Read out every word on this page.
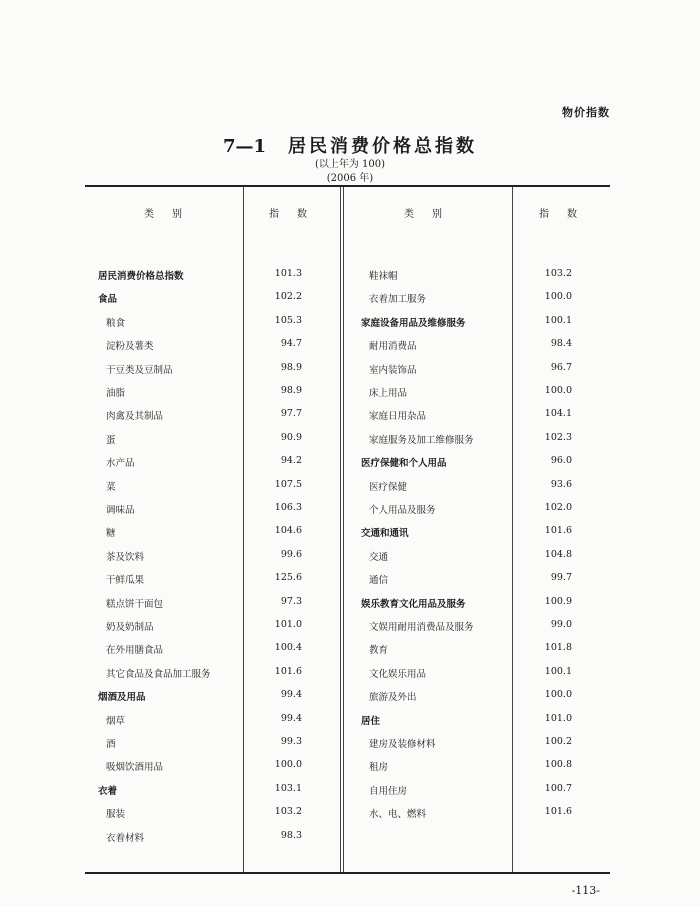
物价指数
7—1 居民消费价格总指数
(以上年为 100)
(2006 年)
类　别	指　数	类　别	指　数
居民消费价格总指数	101.3
食品	102.2
粮食	105.3
淀粉及薯类	94.7
干豆类及豆制品	98.9
油脂	98.9
肉禽及其制品	97.7
蛋	90.9
水产品	94.2
菜	107.5
调味品	106.3
糖	104.6
茶及饮料	99.6
干鲜瓜果	125.6
糕点饼干面包	97.3
奶及奶制品	101.0
在外用膳食品	100.4
其它食品及食品加工服务	101.6
烟酒及用品	99.4
烟草	99.4
酒	99.3
吸烟饮酒用品	100.0
衣着	103.1
服装	103.2
衣着材料	98.3
鞋袜帽	103.2
衣着加工服务	100.0
家庭设备用品及维修服务	100.1
耐用消费品	98.4
室内装饰品	96.7
床上用品	100.0
家庭日用杂品	104.1
家庭服务及加工维修服务	102.3
医疗保健和个人用品	96.0
医疗保健	93.6
个人用品及服务	102.0
交通和通讯	101.6
交通	104.8
通信	99.7
娱乐教育文化用品及服务	100.9
文娱用耐用消费品及服务	99.0
教育	101.8
文化娱乐用品	100.1
旅游及外出	100.0
居住	101.0
建房及装修材料	100.2
租房	100.8
自用住房	100.7
水、电、燃料	101.6
-113-
